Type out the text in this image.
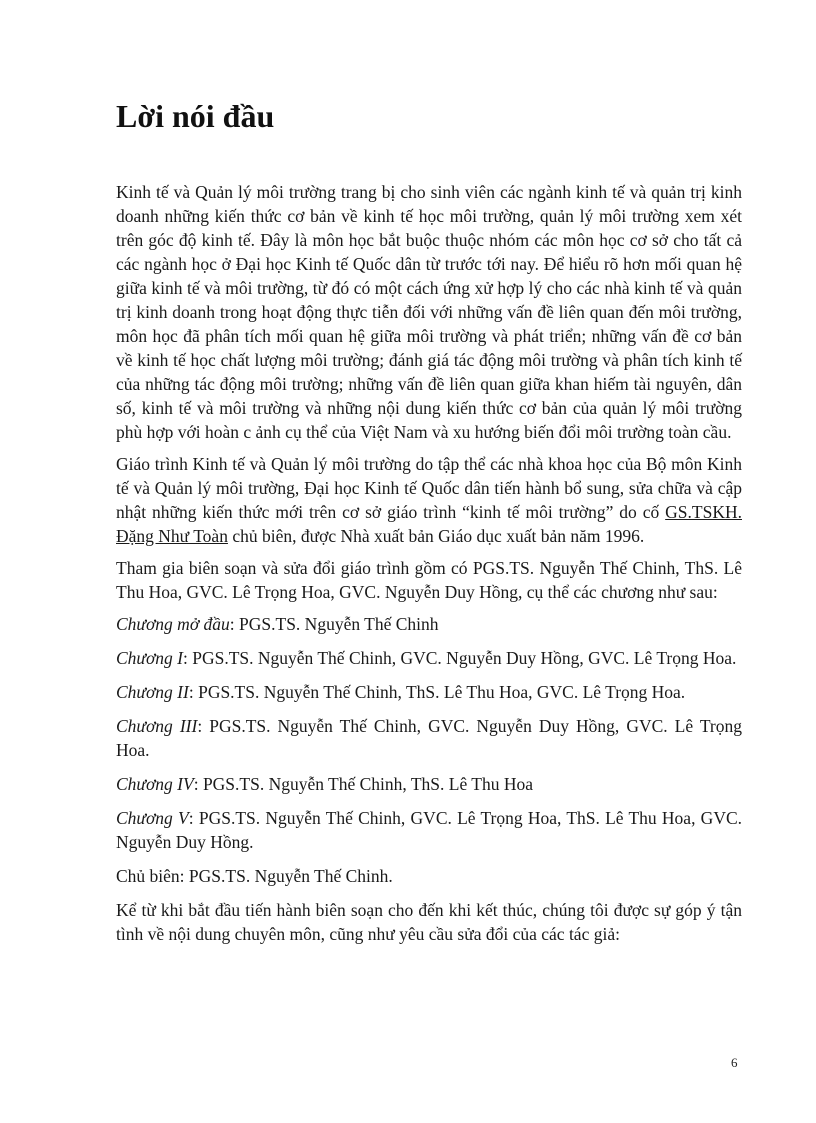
Lời nói đầu

Kinh tế và Quản lý môi trường trang bị cho sinh viên các ngành kinh tế và quản trị kinh doanh những kiến thức cơ bản về kinh tế học môi trường, quản lý môi trường xem xét trên góc độ kinh tế. Đây là môn học bắt buộc thuộc nhóm các môn học cơ sở cho tất cả các ngành học ở Đại học Kinh tế Quốc dân từ trước tới nay. Để hiểu rõ hơn mối quan hệ giữa kinh tế và môi trường, từ đó có một cách ứng xử hợp lý cho các nhà kinh tế và quản trị kinh doanh trong hoạt động thực tiễn đối với những vấn đề liên quan đến môi trường, môn học đã phân tích mối quan hệ giữa môi trường và phát triển; những vấn đề cơ bản về kinh tế học chất lượng môi trường; đánh giá tác động môi trường và phân tích kinh tế của những tác động môi trường; những vấn đề liên quan giữa khan hiếm tài nguyên, dân số, kinh tế và môi trường và những nội dung kiến thức cơ bản của quản lý môi trường phù hợp với hoàn c ảnh cụ thể của Việt Nam và xu hướng biến đổi môi trường toàn cầu.

Giáo trình Kinh tế và Quản lý môi trường do tập thể các nhà khoa học của Bộ môn Kinh tế và Quản lý môi trường, Đại học Kinh tế Quốc dân tiến hành bổ sung, sửa chữa và cập nhật những kiến thức mới trên cơ sở giáo trình “kinh tế môi trường” do cố GS.TSKH. Đặng Như Toàn chủ biên, được Nhà xuất bản Giáo dục xuất bản năm 1996.

Tham gia biên soạn và sửa đổi giáo trình gồm có PGS.TS. Nguyễn Thế Chinh, ThS. Lê Thu Hoa, GVC. Lê Trọng Hoa, GVC. Nguyễn Duy Hồng, cụ thể các chương như sau:

Chương mở đầu: PGS.TS. Nguyễn Thế Chinh

Chương I: PGS.TS. Nguyễn Thế Chinh, GVC. Nguyễn Duy Hồng, GVC. Lê Trọng Hoa.

Chương II: PGS.TS. Nguyễn Thế Chinh, ThS. Lê Thu Hoa, GVC. Lê Trọng Hoa.

Chương III: PGS.TS. Nguyễn Thế Chinh, GVC. Nguyễn Duy Hồng, GVC. Lê Trọng Hoa.

Chương IV: PGS.TS. Nguyễn Thế Chinh, ThS. Lê Thu Hoa

Chương V: PGS.TS. Nguyễn Thế Chinh, GVC. Lê Trọng Hoa, ThS. Lê Thu Hoa, GVC. Nguyễn Duy Hồng.

Chủ biên: PGS.TS. Nguyễn Thế Chinh.

Kể từ khi bắt đầu tiến hành biên soạn cho đến khi kết thúc, chúng tôi được sự góp ý tận tình về nội dung chuyên môn, cũng như yêu cầu sửa đổi của các tác giả:

6
